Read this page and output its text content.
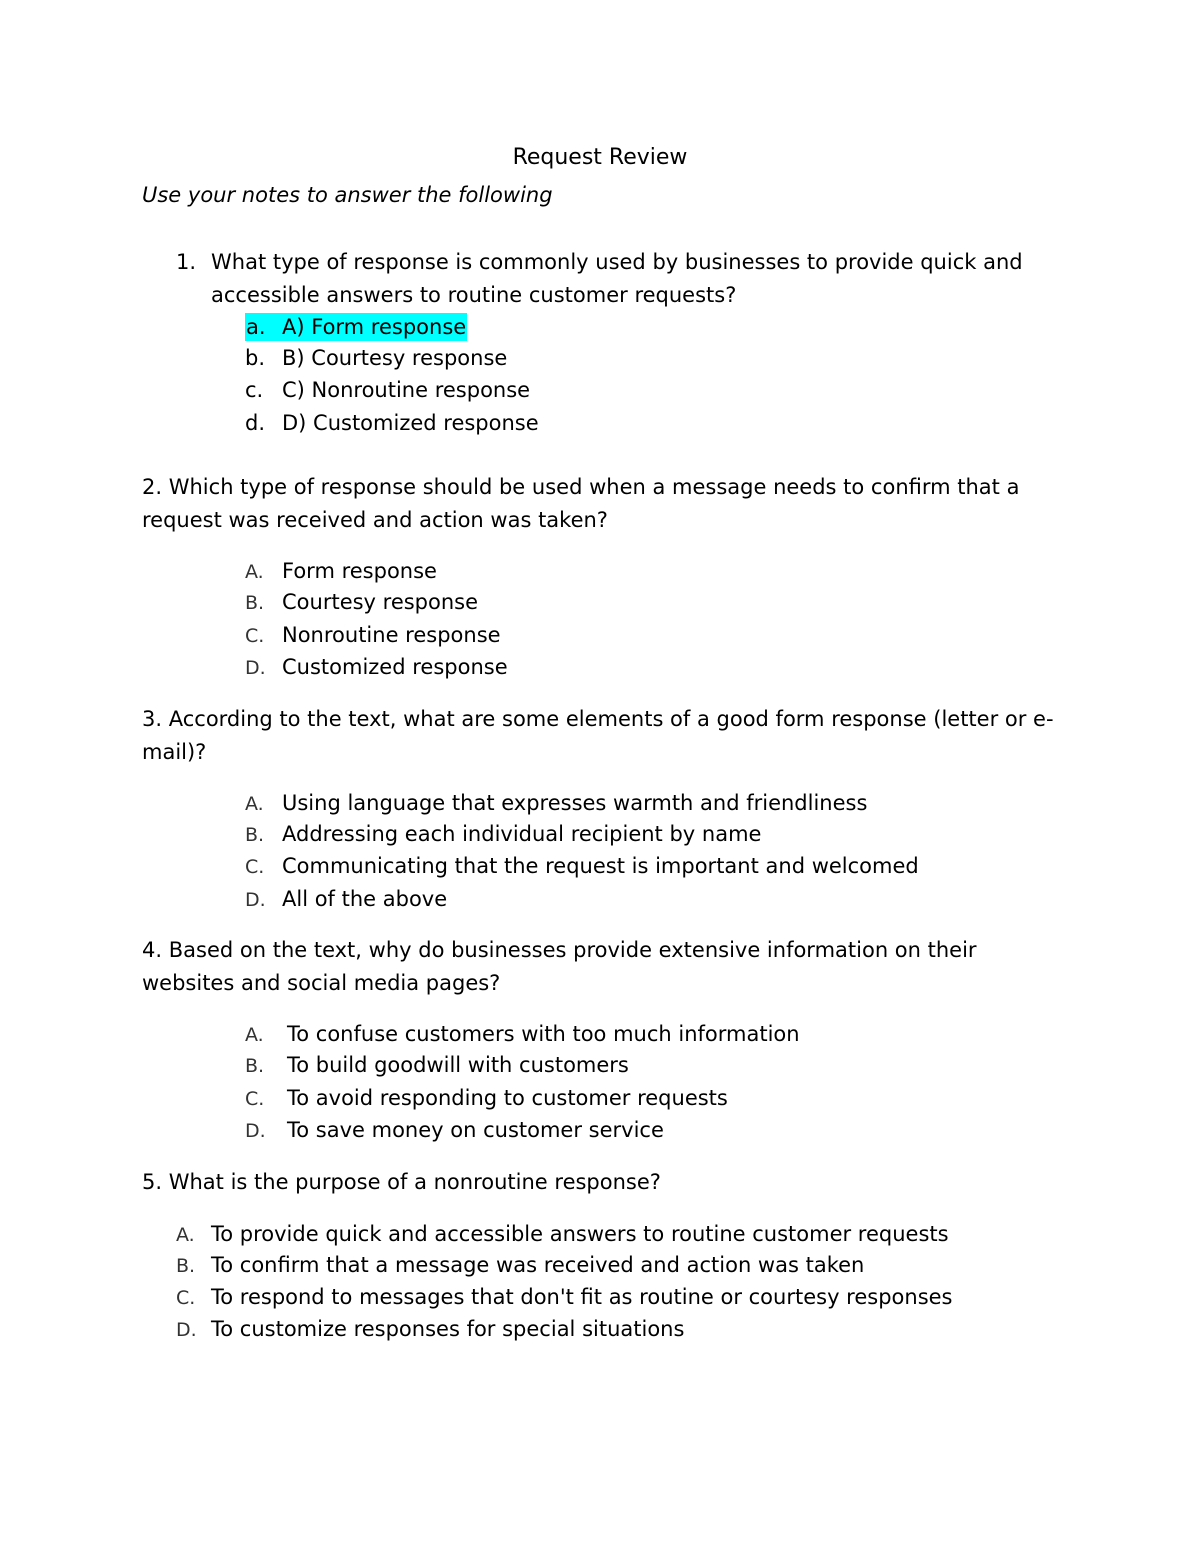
Request Review
Use your notes to answer the following
1. What type of response is commonly used by businesses to provide quick and accessible answers to routine customer requests?
a. A) Form response
b. B) Courtesy response
c. C) Nonroutine response
d. D) Customized response
2. Which type of response should be used when a message needs to confirm that a request was received and action was taken?
A. Form response
B. Courtesy response
C. Nonroutine response
D. Customized response
3. According to the text, what are some elements of a good form response (letter or e-mail)?
A. Using language that expresses warmth and friendliness
B. Addressing each individual recipient by name
C. Communicating that the request is important and welcomed
D. All of the above
4. Based on the text, why do businesses provide extensive information on their websites and social media pages?
A.	To confuse customers with too much information
B.	To build goodwill with customers
C.	To avoid responding to customer requests
D.	To save money on customer service
5. What is the purpose of a nonroutine response?
A. To provide quick and accessible answers to routine customer requests
B. To confirm that a message was received and action was taken
C. To respond to messages that don't fit as routine or courtesy responses
D. To customize responses for special situations
